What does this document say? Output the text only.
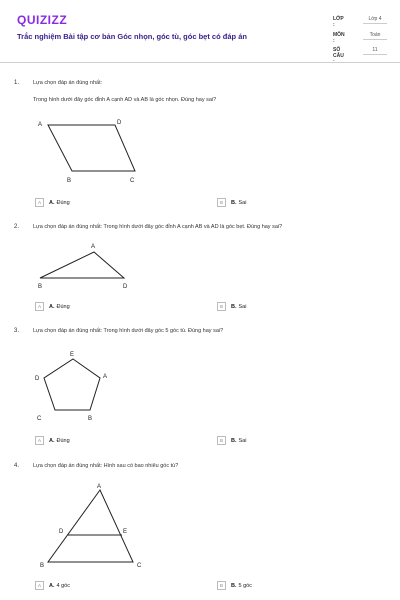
QUIZIZZ
Trắc nghiệm Bài tập cơ bản Góc nhọn, góc tù, góc bẹt có đáp án
LỚP :
Lớp 4
MÔN :
Toán
SỐ CÂU
11
1.	Lựa chọn đáp án đúng nhất:
Trong hình dưới đây góc đỉnh A cạnh AD và AB là góc nhọn. Đúng hay sai?
A	D
B	C
A	A. Đúng	B	B. Sai
2.	Lựa chọn đáp án đúng nhất: Trong hình dưới đây góc đỉnh A cạnh AB và AD là góc bẹt. Đúng hay sai?
A
B	D
A	A. Đúng	B	B. Sai
3.	Lựa chọn đáp án đúng nhất: Trong hình dưới đây góc 5 góc tù. Đúng hay sai?
E
D	A
C	B
A	A. Đúng	B	B. Sai
4.	Lựa chọn đáp án đúng nhất: Hình sau có bao nhiêu góc tù?
A
D	E
B	C
A	A. 4 góc	B	B. 5 góc
